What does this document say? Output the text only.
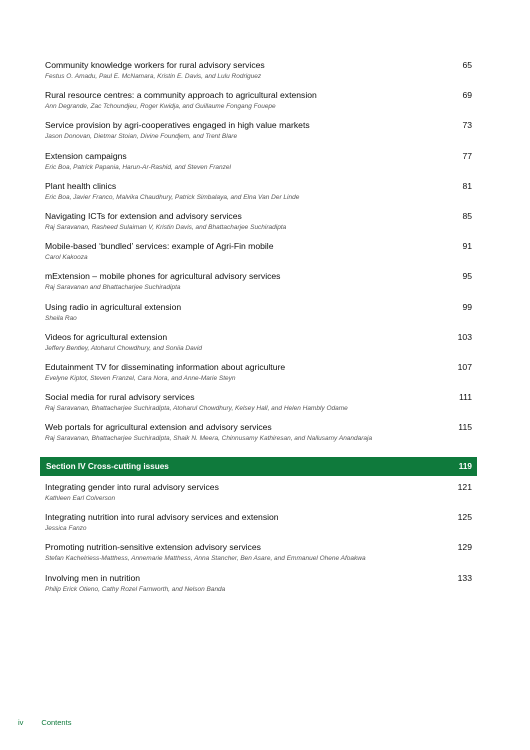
Community knowledge workers for rural advisory services	65
Festus O. Amadu, Paul E. McNamara, Kristin E. Davis, and Lulu Rodriguez
Rural resource centres: a community approach to agricultural extension	69
Ann Degrande, Zac Tchoundjeu, Roger Kwidja, and Guillaume Fongang Fouepe
Service provision by agri-cooperatives engaged in high value markets	73
Jason Donovan, Dietmar Stoian, Divine Foundjem, and Trent Blare
Extension campaigns	77
Eric Boa, Patrick Papania, Harun-Ar-Rashid, and Steven Franzel
Plant health clinics	81
Eric Boa, Javier Franco, Malvika Chaudhury, Patrick Simbalaya, and Elna Van Der Linde
Navigating ICTs for extension and advisory services	85
Raj Saravanan, Rasheed Sulaiman V, Kristin Davis, and Bhattacharjee Suchiradipta
Mobile-based ‘bundled’ services: example of Agri-Fin mobile	91
Carol Kakooza
mExtension – mobile phones for agricultural advisory services	95
Raj Saravanan and Bhattacharjee Suchiradipta
Using radio in agricultural extension	99
Sheila Rao
Videos for agricultural extension	103
Jeffery Bentley, Atoharul Chowdhury, and Soniia David
Edutainment TV for disseminating information about agriculture	107
Evelyne Kiptot, Steven Franzel, Cara Nora, and Anne-Marie Steyn
Social media for rural advisory services	111
Raj Saravanan, Bhattacharjee Suchiradipta, Atoharul Chowdhury, Kelsey Hall, and Helen Hambly Odame
Web portals for agricultural extension and advisory services	115
Raj Saravanan, Bhattacharjee Suchiradipta, Shaik N. Meera, Chinnusamy Kathiresan, and Nallusamy Anandaraja
Section IV Cross-cutting issues	119
Integrating gender into rural advisory services	121
Kathleen Earl Colverson
Integrating nutrition into rural advisory services and extension	125
Jessica Fanzo
Promoting nutrition-sensitive extension advisory services	129
Stefan Kachelriess-Matthess, Annemarie Matthess, Anna Stancher, Ben Asare, and Emmanuel Ohene Afoakwa
Involving men in nutrition	133
Philip Erick Otieno, Cathy Rozel Farnworth, and Nelson Banda
iv Contents
